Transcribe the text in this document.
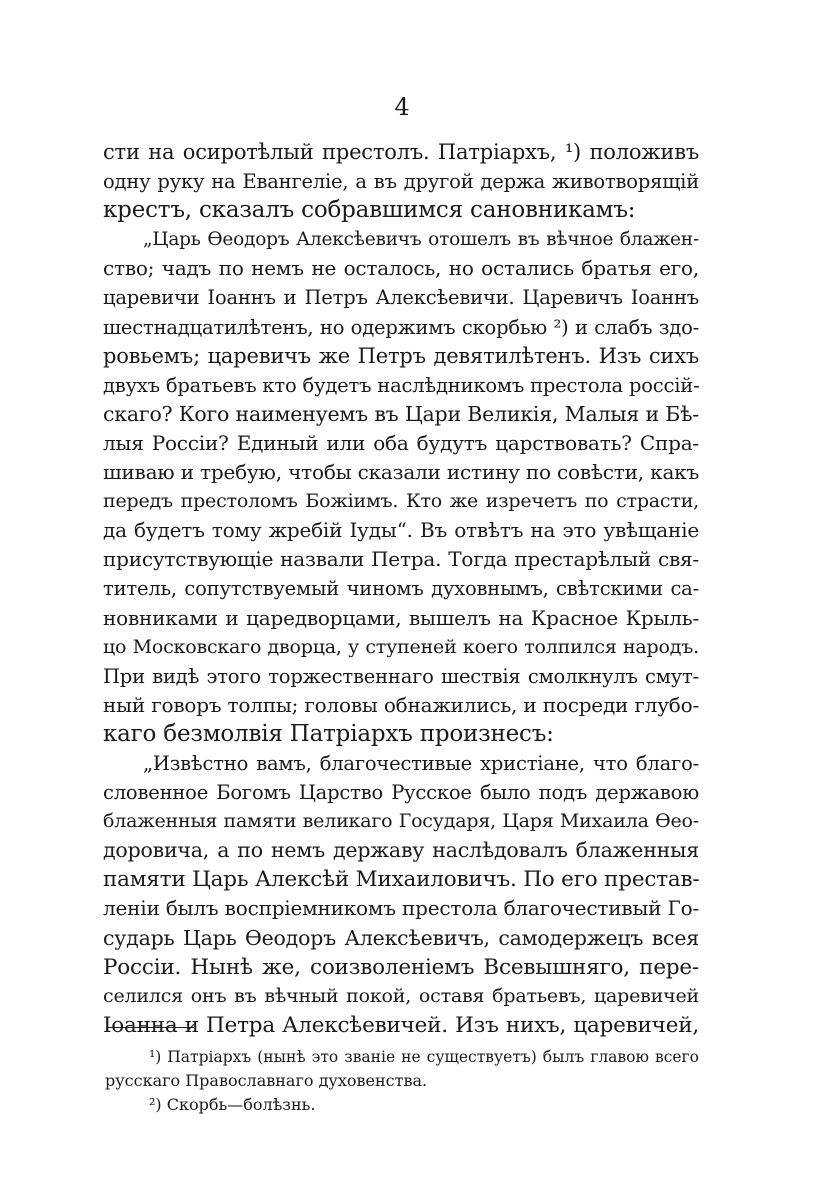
4
сти на осиротѣлый престолъ. Патріархъ, ¹) положивъ
одну руку на Евангеліе, а въ другой держа животворящій
крестъ, сказалъ собравшимся сановникамъ:
„Царь Ѳеодоръ Алексѣевичъ отошелъ въ вѣчное блажен-
ство; чадъ по немъ не осталось, но остались братья его,
царевичи Іоаннъ и Петръ Алексѣевичи. Царевичъ Іоаннъ
шестнадцатилѣтенъ, но одержимъ скорбью ²) и слабъ здо-
ровьемъ; царевичъ же Петръ девятилѣтенъ. Изъ сихъ
двухъ братьевъ кто будетъ наслѣдникомъ престола россій-
скаго? Кого наименуемъ въ Цари Великія, Малыя и Бѣ-
лыя Россіи? Единый или оба будутъ царствовать? Спра-
шиваю и требую, чтобы сказали истину по совѣсти, какъ
передъ престоломъ Божіимъ. Кто же изречетъ по страсти,
да будетъ тому жребій Іуды“. Въ отвѣтъ на это увѣщаніе
присутствующіе назвали Петра. Тогда престарѣлый свя-
титель, сопутствуемый чиномъ духовнымъ, свѣтскими са-
новниками и царедворцами, вышелъ на Красное Крыль-
цо Московскаго дворца, у ступеней коего толпился народъ.
При видѣ этого торжественнаго шествія смолкнулъ смут-
ный говоръ толпы; головы обнажились, и посреди глубо-
каго безмолвія Патріархъ произнесъ:
„Извѣстно вамъ, благочестивые христіане, что благо-
словенное Богомъ Царство Русское было подъ державою
блаженныя памяти великаго Государя, Царя Михаила Ѳео-
доровича, а по немъ державу наслѣдовалъ блаженныя
памяти Царь Алексѣй Михаиловичъ. По его престав-
леніи былъ воспріемникомъ престола благочестивый Го-
сударь Царь Ѳеодоръ Алексѣевичъ, самодержецъ всея
Россіи. Нынѣ же, соизволеніемъ Всевышняго, пере-
селился онъ въ вѣчный покой, оставя братьевъ, царевичей
Іоанна и Петра Алексѣевичей. Изъ нихъ, царевичей,
¹) Патріархъ (нынѣ это званіе не существуетъ) былъ главою всего
русскаго Православнаго духовенства.
²) Скорбь—болѣзнь.
